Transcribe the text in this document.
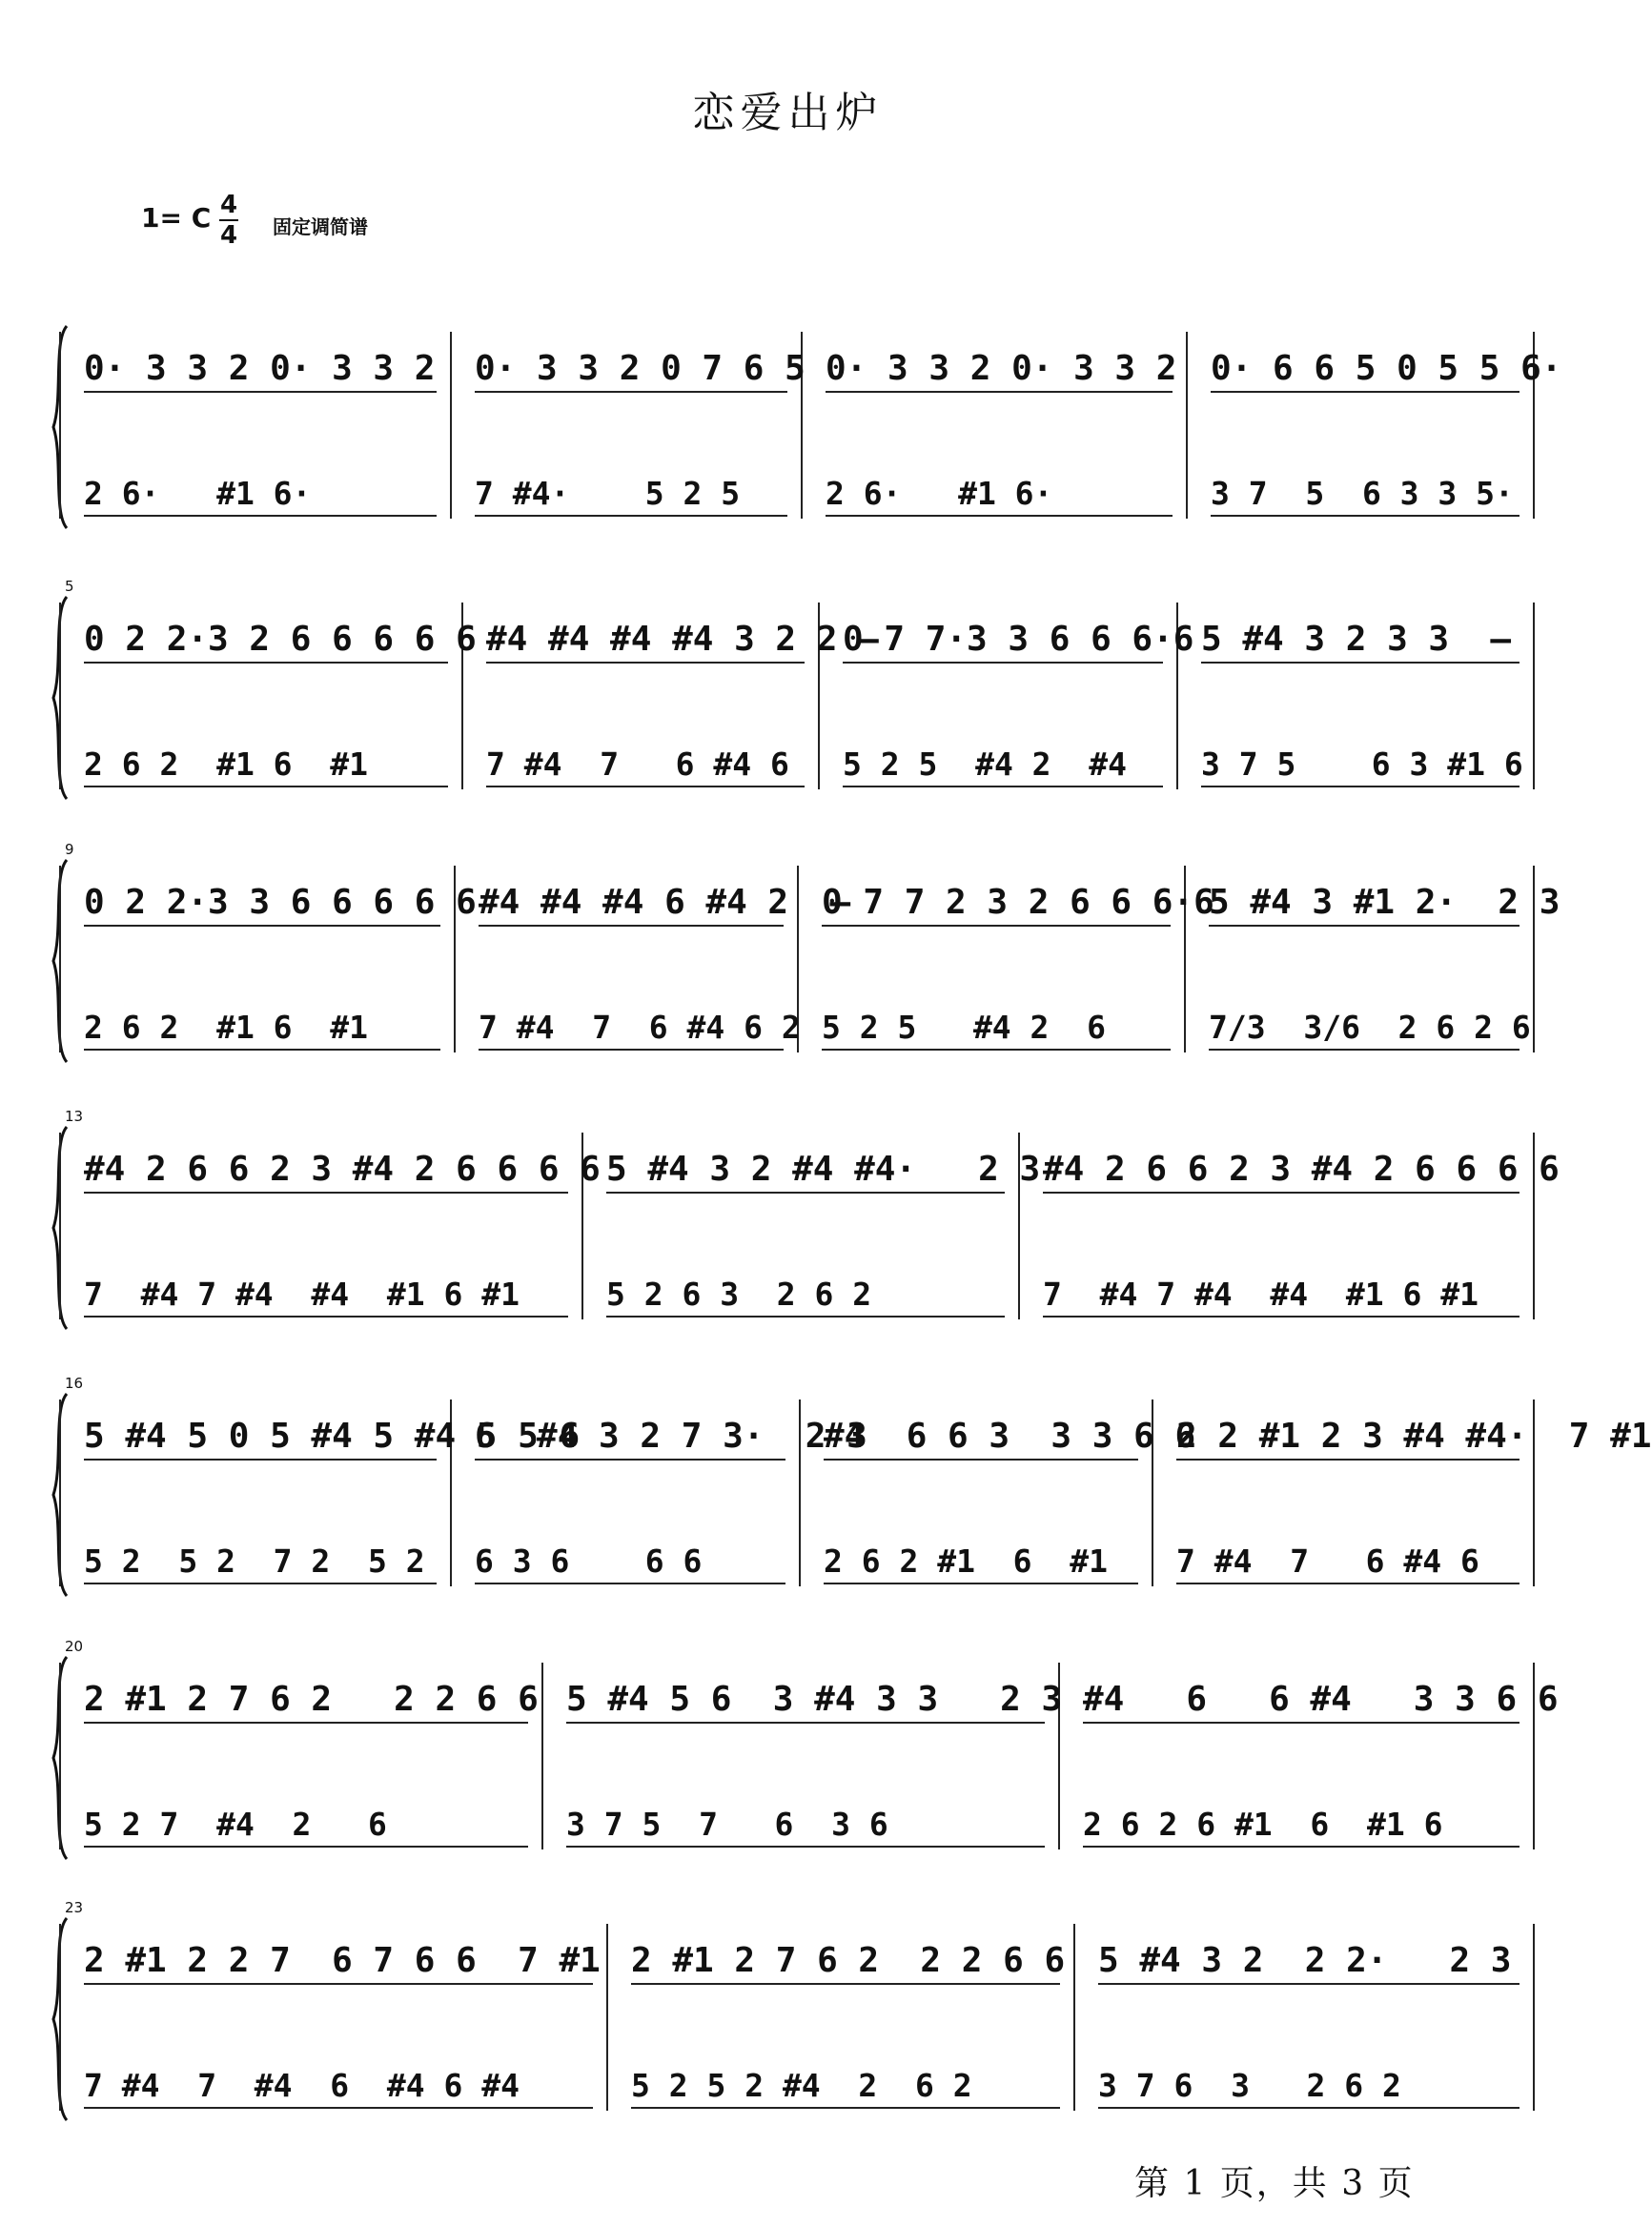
恋爱出炉
1= C 4
4 固定调简谱
0· 3 3 2 0· 3 3 2
2 6·   #1 6·
0· 3 3 2 0 7 6 5
7 #4·    5 2 5
0· 3 3 2 0· 3 3 2
2 6·   #1 6·
0· 6 6 5 0 5 5 6·
3 7  5  6 3 3 5·
5
0 2 2·3 2 6 6 6 6 6
2 6 2  #1 6  #1
#4 #4 #4 #4 3 2 2 –
7 #4  7   6 #4 6
0 7 7·3 3 6 6 6·6
5 2 5  #4 2  #4
5 #4 3 2 3 3  –
3 7 5    6 3 #1 6
9
0 2 2·3 3 6 6 6 6 6
2 6 2  #1 6  #1
#4 #4 #4 6 #4 2  –
7 #4  7  6 #4 6 2
0 7 7 2 3 2 6 6 6·6
5 2 5   #4 2  6
5 #4 3 #1 2·  2 3
7/3  3/6  2 6 2 6
13
#4 2 6 6 2 3 #4 2 6 6 6 6
7  #4 7 #4  #4  #1 6 #1
5 #4 3 2 #4 #4·   2 3
5 2 6 3  2 6 2
#4 2 6 6 2 3 #4 2 6 6 6 6
7  #4 7 #4  #4  #1 6 #1
16
5 #4 5 0 5 #4 5 #4 5 5 6
5 2  5 2  7 2  5 2
6  #4 3 2 7 3·  2 3
6 3 6    6 6
#4  6 6 3  3 3 6 6
2 6 2 #1  6  #1
2 2 #1 2 3 #4 #4·  7 #1
7 #4  7   6 #4 6
20
2 #1 2 7 6 2   2 2 6 6
5 2 7  #4  2   6
5 #4 5 6  3 #4 3 3   2 3
3 7 5  7   6  3 6
#4   6   6 #4   3 3 6 6
2 6 2 6 #1  6  #1 6
23
2 #1 2 2 7  6 7 6 6  7 #1
7 #4  7  #4  6  #4 6 #4
2 #1 2 7 6 2  2 2 6 6
5 2 5 2 #4  2  6 2
5 #4 3 2  2 2·   2 3
3 7 6  3   2 6 2
第 1 页，共 3 页
